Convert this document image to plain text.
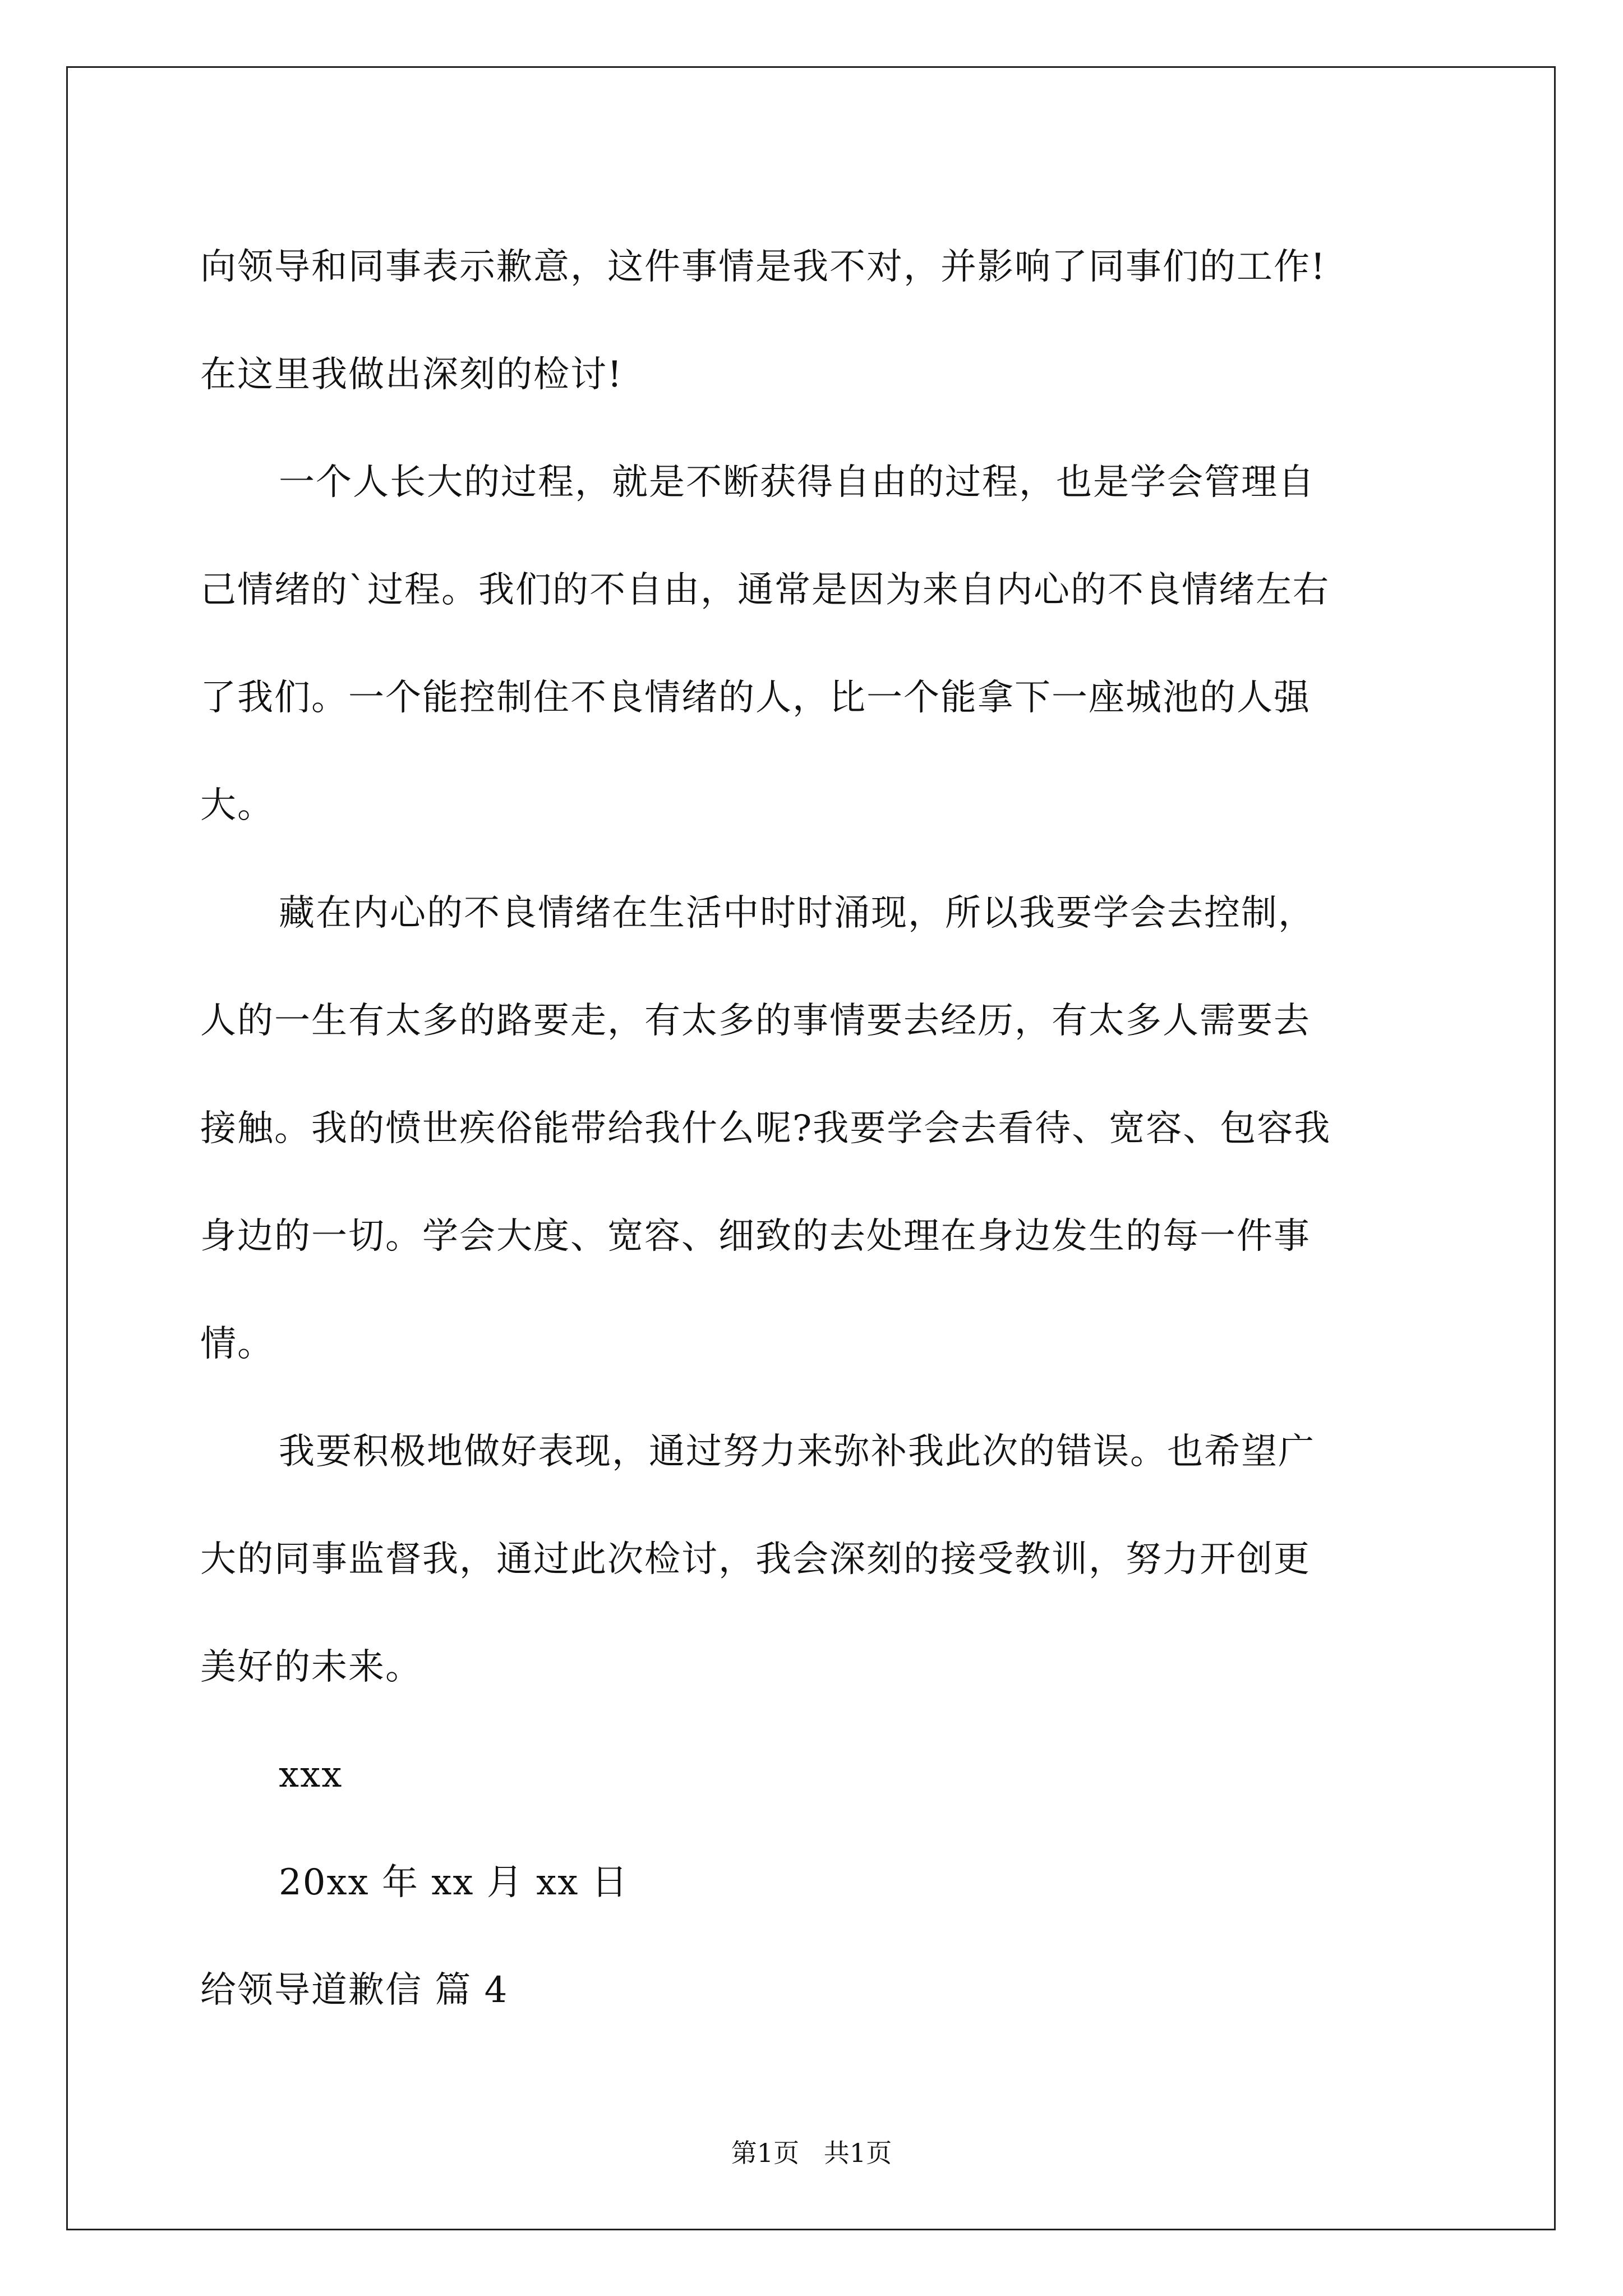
向领导和同事表示歉意，这件事情是我不对，并影响了同事们的工作!
在这里我做出深刻的检讨!
一个人长大的过程，就是不断获得自由的过程，也是学会管理自
己情绪的`过程。我们的不自由，通常是因为来自内心的不良情绪左右
了我们。一个能控制住不良情绪的人，比一个能拿下一座城池的人强
大。
藏在内心的不良情绪在生活中时时涌现，所以我要学会去控制，
人的一生有太多的路要走，有太多的事情要去经历，有太多人需要去
接触。我的愤世疾俗能带给我什么呢?我要学会去看待、宽容、包容我
身边的一切。学会大度、宽容、细致的去处理在身边发生的每一件事
情。
我要积极地做好表现，通过努力来弥补我此次的错误。也希望广
大的同事监督我，通过此次检讨，我会深刻的接受教训，努力开创更
美好的未来。
xxx
20xx 年 xx 月 xx 日
给领导道歉信 篇 4
第1页   共1页
